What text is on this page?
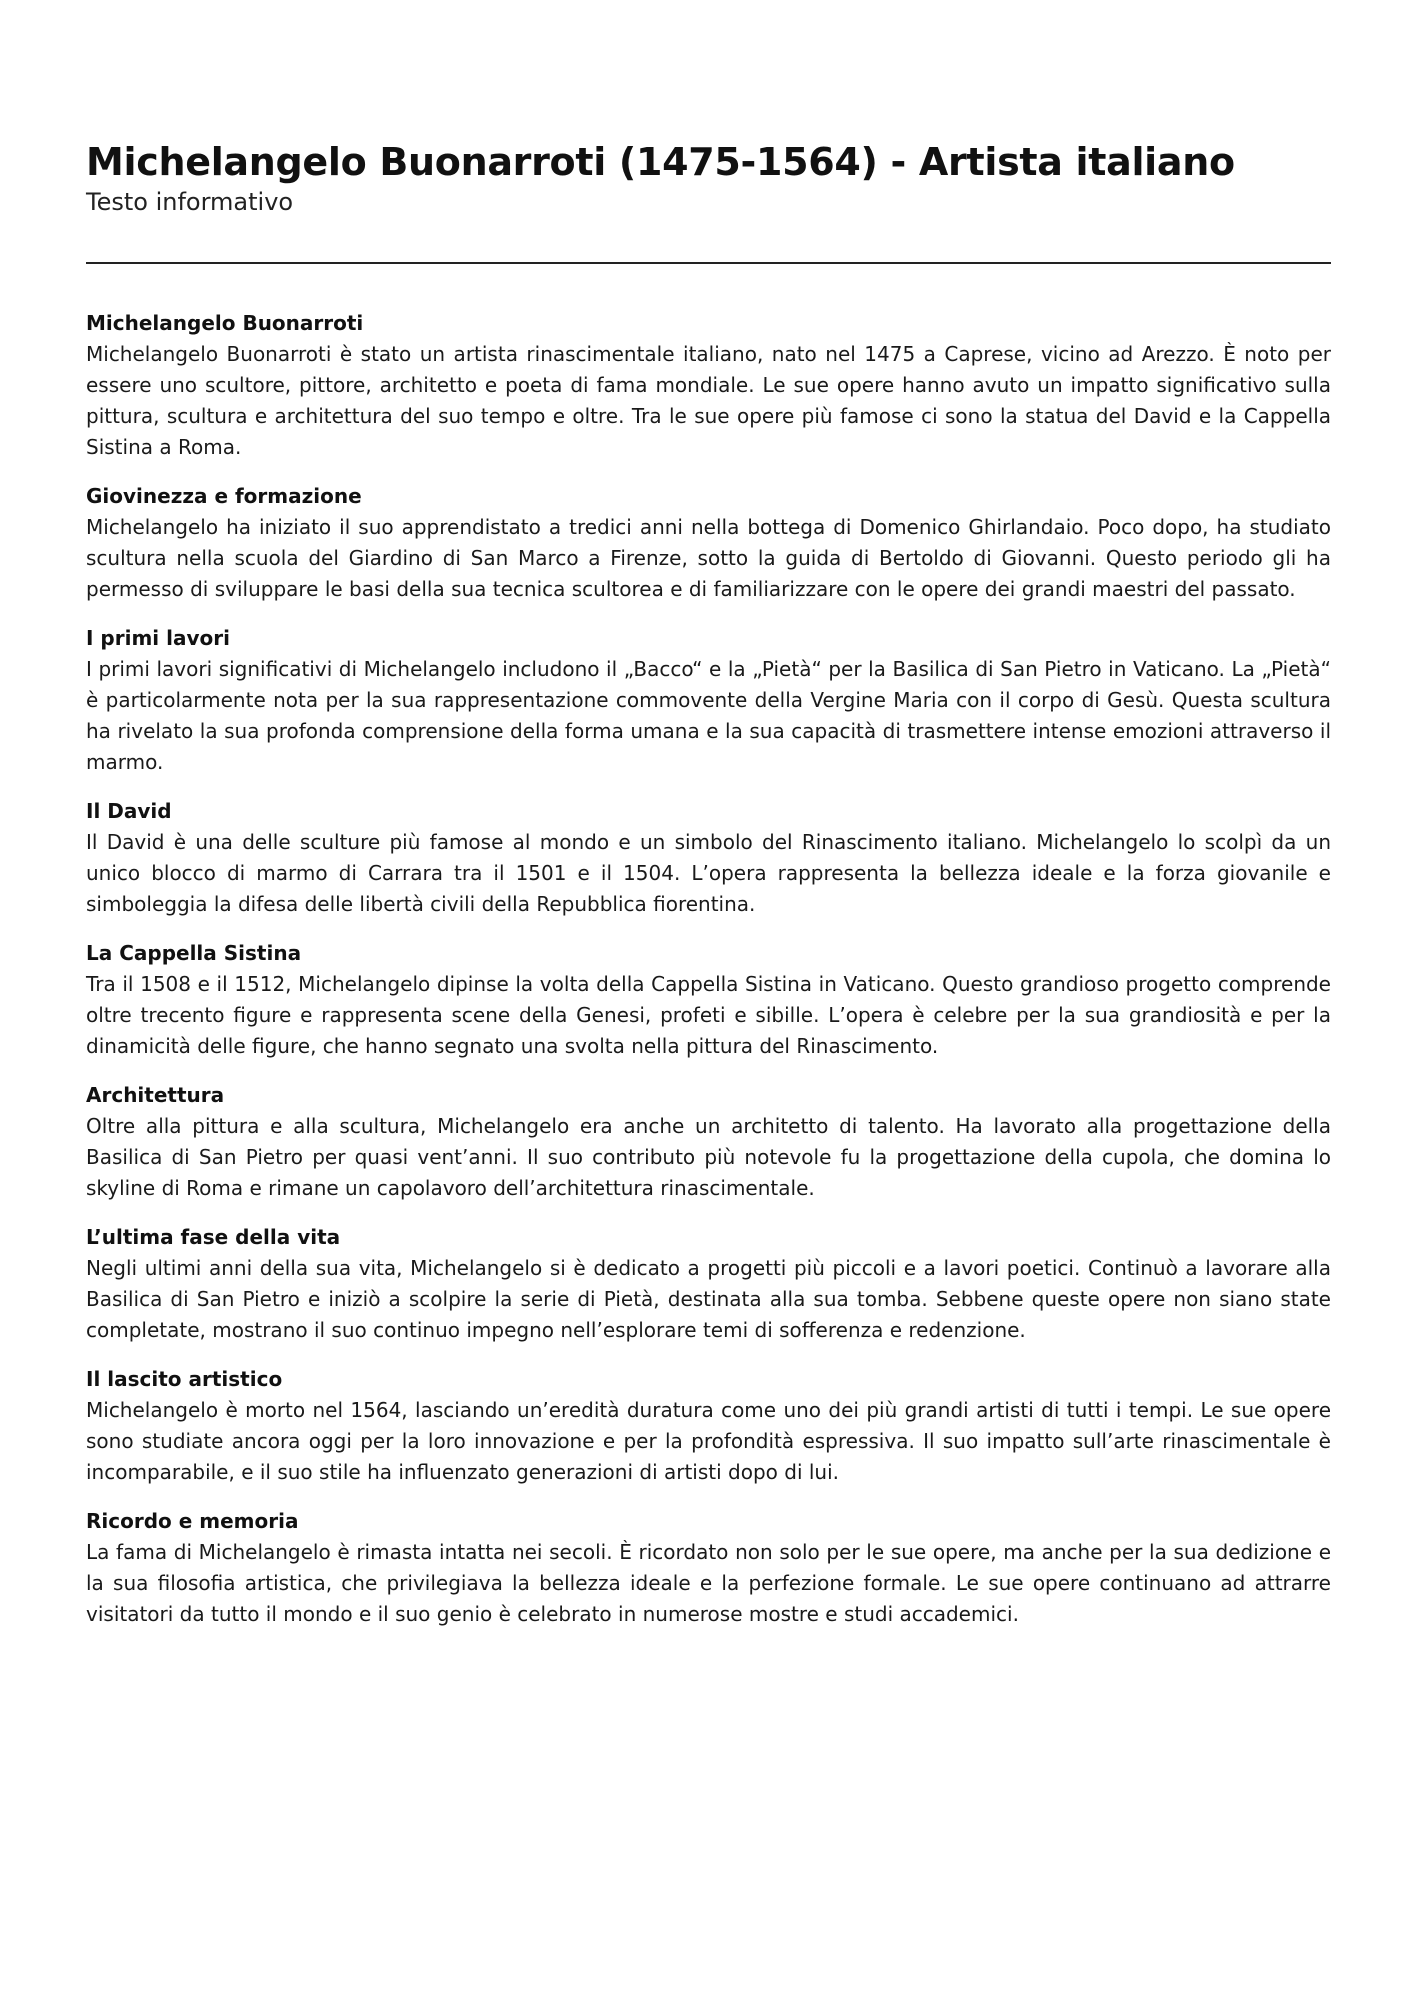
Michelangelo Buonarroti (1475-1564) - Artista italiano

Testo informativo

Michelangelo Buonarroti

Michelangelo Buonarroti è stato un artista rinascimentale italiano, nato nel 1475 a Caprese, vicino ad Arezzo. È noto per essere uno scultore, pittore, architetto e poeta di fama mondiale. Le sue opere hanno avuto un impatto significativo sulla pittura, scultura e architettura del suo tempo e oltre. Tra le sue opere più famose ci sono la statua del David e la Cappella Sistina a Roma.

Giovinezza e formazione

Michelangelo ha iniziato il suo apprendistato a tredici anni nella bottega di Domenico Ghirlandaio. Poco dopo, ha studiato scultura nella scuola del Giardino di San Marco a Firenze, sotto la guida di Bertoldo di Giovanni. Questo periodo gli ha permesso di sviluppare le basi della sua tecnica scultorea e di familiarizzare con le opere dei grandi maestri del passato.

I primi lavori

I primi lavori significativi di Michelangelo includono il „Bacco“ e la „Pietà“ per la Basilica di San Pietro in Vaticano. La „Pietà“ è particolarmente nota per la sua rappresentazione commovente della Vergine Maria con il corpo di Gesù. Questa scultura ha rivelato la sua profonda comprensione della forma umana e la sua capacità di trasmettere intense emozioni attraverso il marmo.

Il David

Il David è una delle sculture più famose al mondo e un simbolo del Rinascimento italiano. Michelangelo lo scolpì da un unico blocco di marmo di Carrara tra il 1501 e il 1504. L’opera rappresenta la bellezza ideale e la forza giovanile e simboleggia la difesa delle libertà civili della Repubblica fiorentina.

La Cappella Sistina

Tra il 1508 e il 1512, Michelangelo dipinse la volta della Cappella Sistina in Vaticano. Questo grandioso progetto comprende oltre trecento figure e rappresenta scene della Genesi, profeti e sibille. L’opera è celebre per la sua grandiosità e per la dinamicità delle figure, che hanno segnato una svolta nella pittura del Rinascimento.

Architettura

Oltre alla pittura e alla scultura, Michelangelo era anche un architetto di talento. Ha lavorato alla progettazione della Basilica di San Pietro per quasi vent’anni. Il suo contributo più notevole fu la progettazione della cupola, che domina lo skyline di Roma e rimane un capolavoro dell’architettura rinascimentale.

L’ultima fase della vita

Negli ultimi anni della sua vita, Michelangelo si è dedicato a progetti più piccoli e a lavori poetici. Continuò a lavorare alla Basilica di San Pietro e iniziò a scolpire la serie di Pietà, destinata alla sua tomba. Sebbene queste opere non siano state completate, mostrano il suo continuo impegno nell’esplorare temi di sofferenza e redenzione.

Il lascito artistico

Michelangelo è morto nel 1564, lasciando un’eredità duratura come uno dei più grandi artisti di tutti i tempi. Le sue opere sono studiate ancora oggi per la loro innovazione e per la profondità espressiva. Il suo impatto sull’arte rinascimentale è incomparabile, e il suo stile ha influenzato generazioni di artisti dopo di lui.

Ricordo e memoria

La fama di Michelangelo è rimasta intatta nei secoli. È ricordato non solo per le sue opere, ma anche per la sua dedizione e la sua filosofia artistica, che privilegiava la bellezza ideale e la perfezione formale. Le sue opere continuano ad attrarre visitatori da tutto il mondo e il suo genio è celebrato in numerose mostre e studi accademici.
